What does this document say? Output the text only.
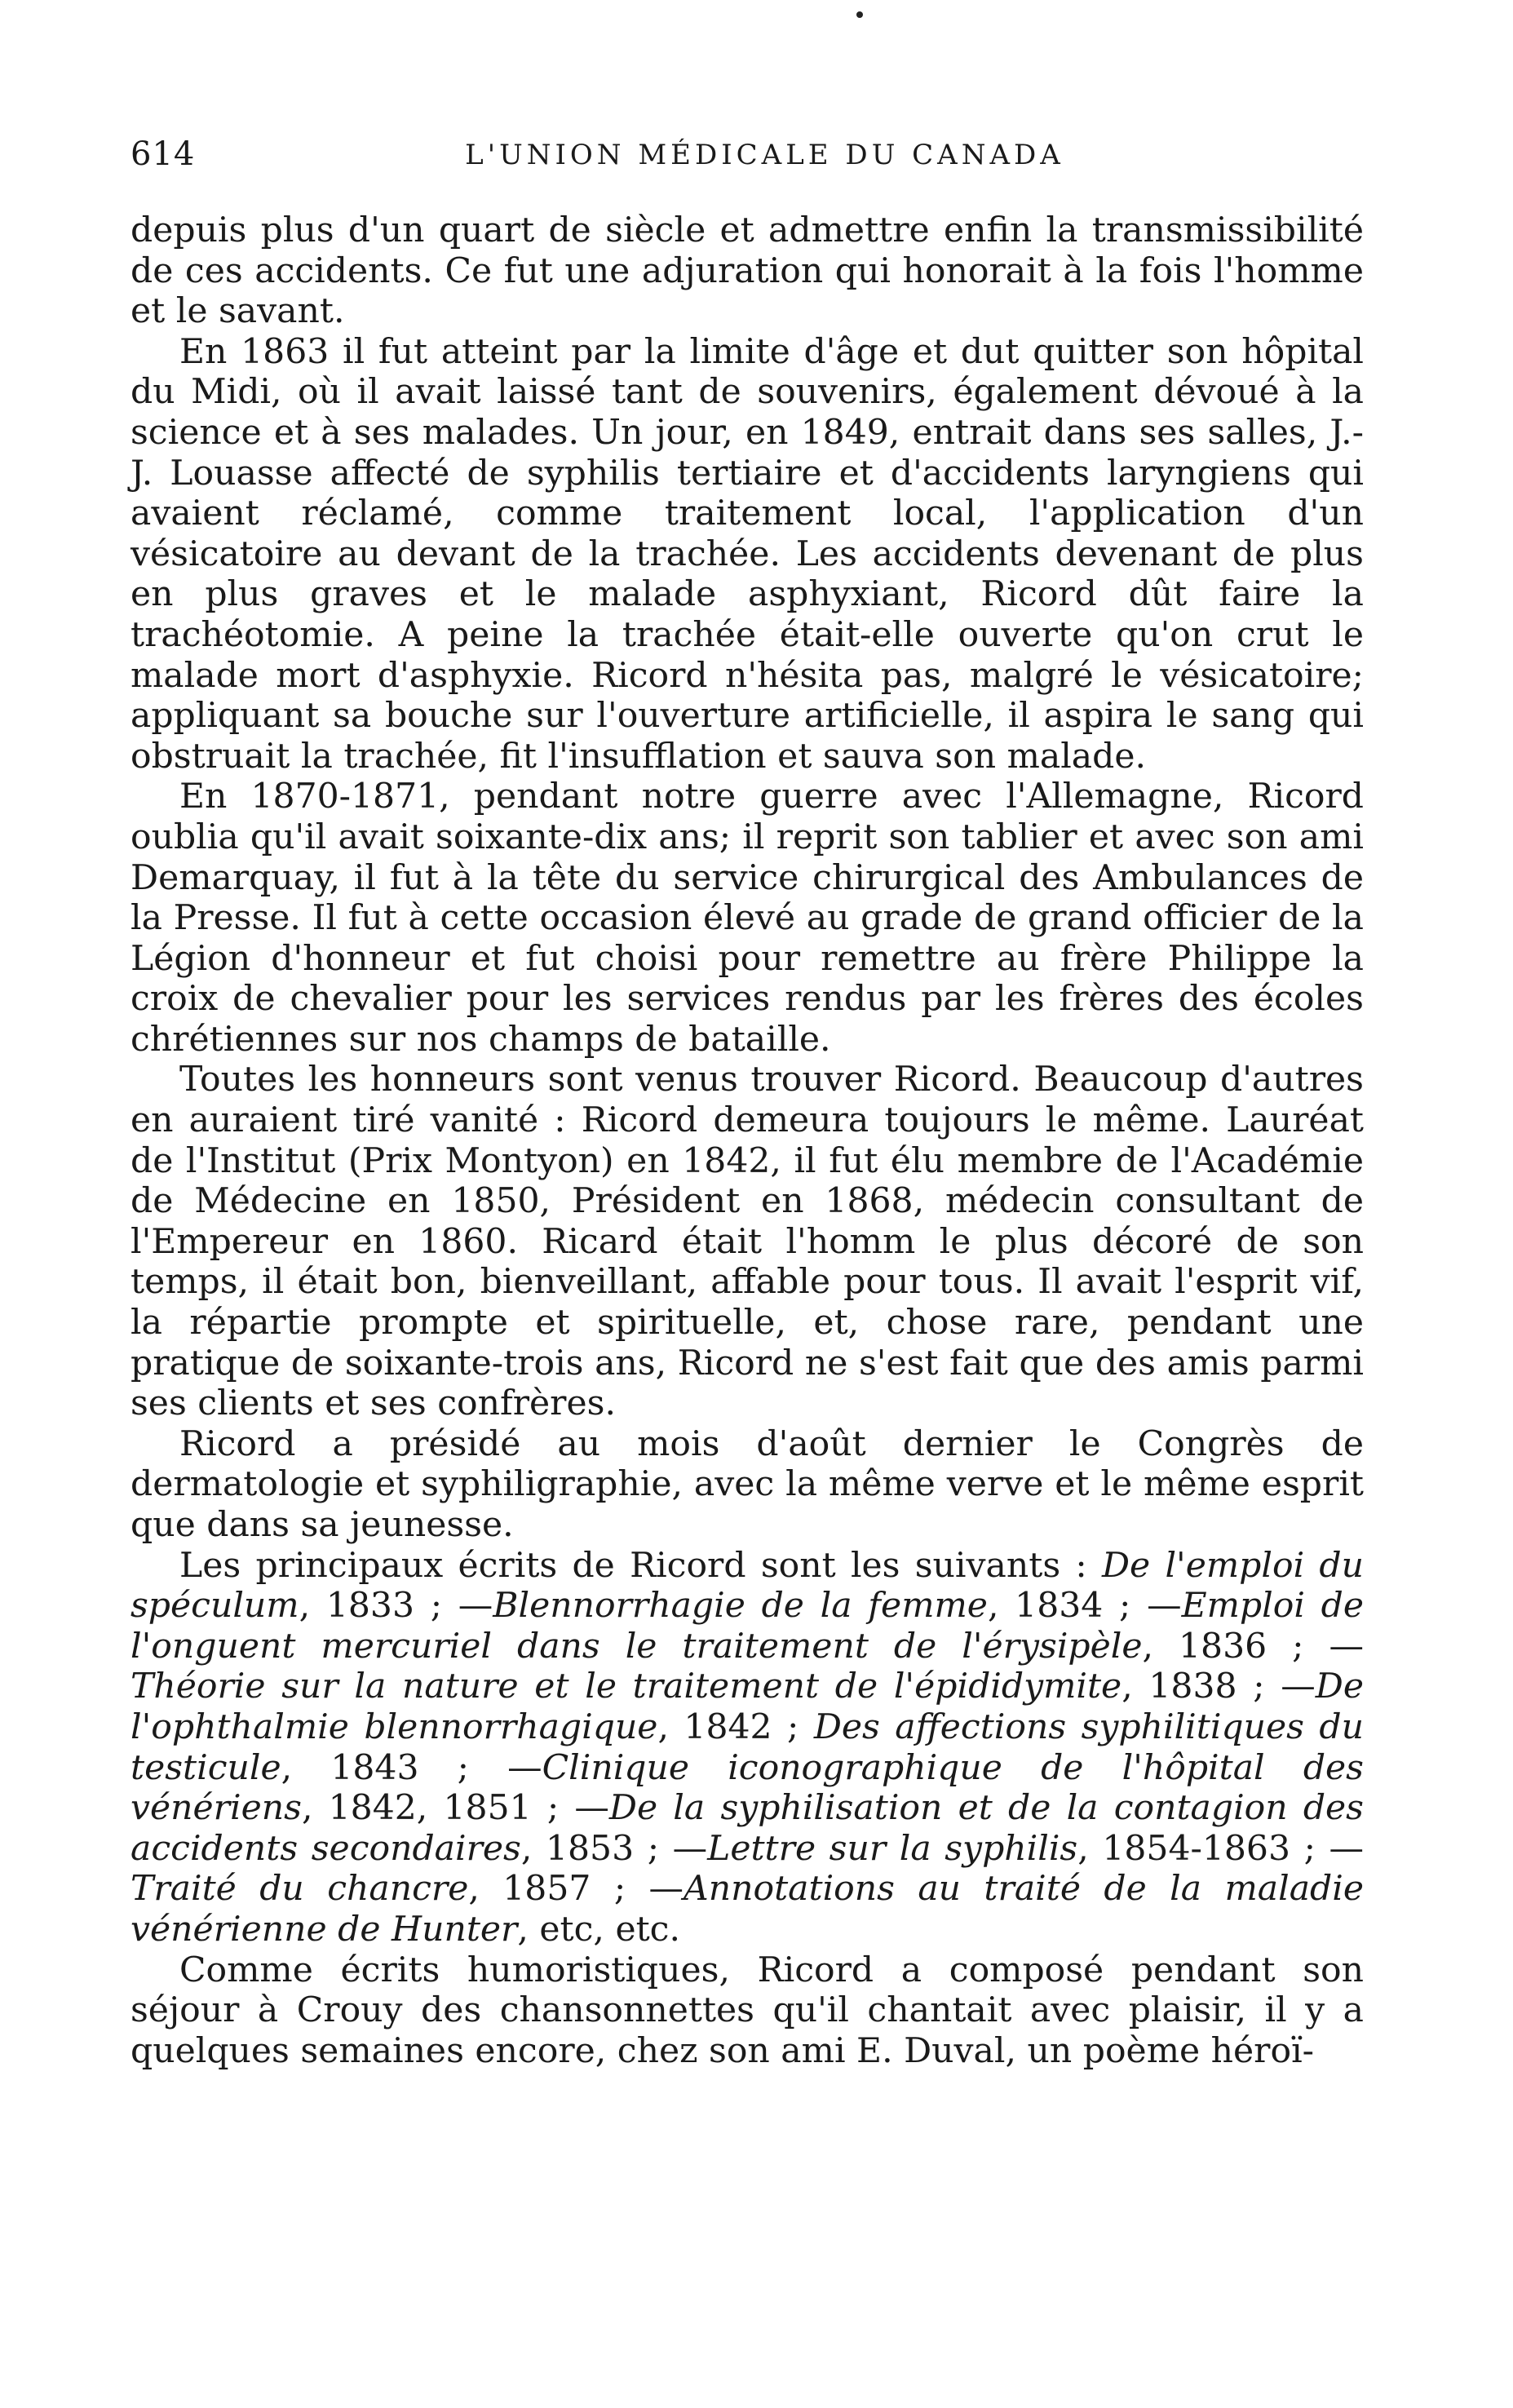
614	L'UNION MÉDICALE DU CANADA

depuis plus d'un quart de siècle et admettre enfin la transmissibilité de ces accidents. Ce fut une adjuration qui honorait à la fois l'homme et le savant.

En 1863 il fut atteint par la limite d'âge et dut quitter son hôpital du Midi, où il avait laissé tant de souvenirs, également dévoué à la science et à ses malades. Un jour, en 1849, entrait dans ses salles, J.-J. Louasse affecté de syphilis tertiaire et d'accidents laryngiens qui avaient réclamé, comme traitement local, l'application d'un vésicatoire au devant de la trachée. Les accidents devenant de plus en plus graves et le malade asphyxiant, Ricord dût faire la trachéotomie. A peine la trachée était-elle ouverte qu'on crut le malade mort d'asphyxie. Ricord n'hésita pas, malgré le vésicatoire; appliquant sa bouche sur l'ouverture artificielle, il aspira le sang qui obstruait la trachée, fit l'insufflation et sauva son malade.

En 1870-1871, pendant notre guerre avec l'Allemagne, Ricord oublia qu'il avait soixante-dix ans; il reprit son tablier et avec son ami Demarquay, il fut à la tête du service chirurgical des Ambulances de la Presse. Il fut à cette occasion élevé au grade de grand officier de la Légion d'honneur et fut choisi pour remettre au frère Philippe la croix de chevalier pour les services rendus par les frères des écoles chrétiennes sur nos champs de bataille.

Toutes les honneurs sont venus trouver Ricord. Beaucoup d'autres en auraient tiré vanité : Ricord demeura toujours le même. Lauréat de l'Institut (Prix Montyon) en 1842, il fut élu membre de l'Académie de Médecine en 1850, Président en 1868, médecin consultant de l'Empereur en 1860. Ricard était l'homm le plus décoré de son temps, il était bon, bienveillant, affable pour tous. Il avait l'esprit vif, la répartie prompte et spirituelle, et, chose rare, pendant une pratique de soixante-trois ans, Ricord ne s'est fait que des amis parmi ses clients et ses confrères.

Ricord a présidé au mois d'août dernier le Congrès de dermatologie et syphiligraphie, avec la même verve et le même esprit que dans sa jeunesse.

Les principaux écrits de Ricord sont les suivants : De l'emploi du spéculum, 1833 ; —Blennorrhagie de la femme, 1834 ; —Emploi de l'onguent mercuriel dans le traitement de l'érysipèle, 1836 ; —Théorie sur la nature et le traitement de l'épididymite, 1838 ; —De l'ophthalmie blennorrhagique, 1842 ; Des affections syphilitiques du testicule, 1843 ; —Clinique iconographique de l'hôpital des vénériens, 1842, 1851 ; —De la syphilisation et de la contagion des accidents secondaires, 1853 ; —Lettre sur la syphilis, 1854-1863 ; —Traité du chancre, 1857 ; —Annotations au traité de la maladie vénérienne de Hunter, etc, etc.

Comme écrits humoristiques, Ricord a composé pendant son séjour à Crouy des chansonnettes qu'il chantait avec plaisir, il y a quelques semaines encore, chez son ami E. Duval, un poème héroï-
